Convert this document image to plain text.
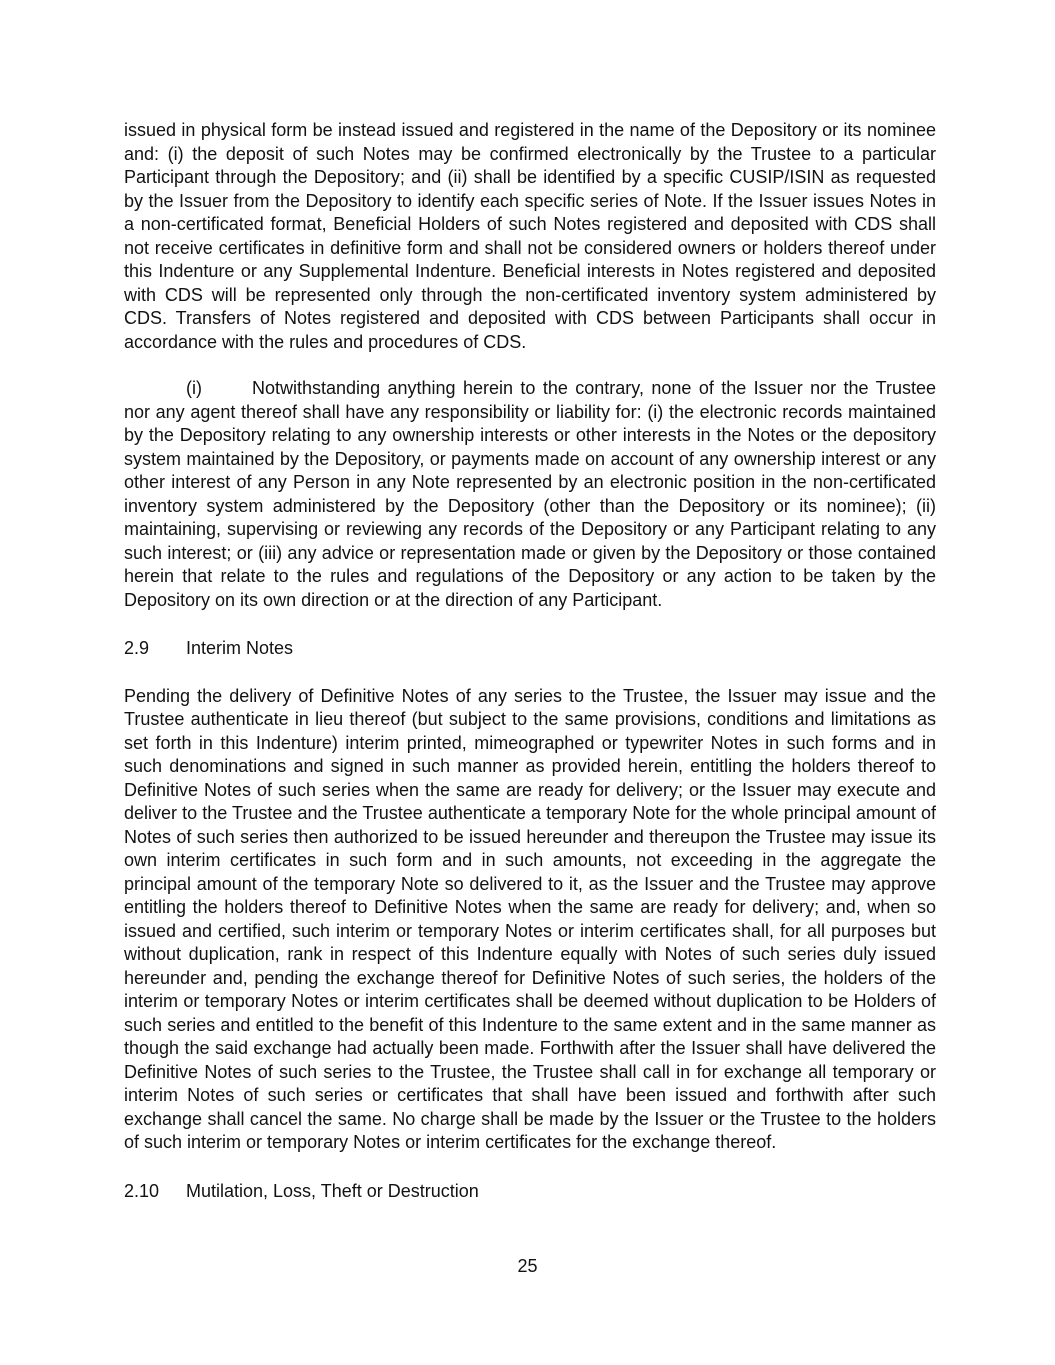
issued in physical form be instead issued and registered in the name of the Depository or its nominee and: (i) the deposit of such Notes may be confirmed electronically by the Trustee to a particular Participant through the Depository; and (ii) shall be identified by a specific CUSIP/ISIN as requested by the Issuer from the Depository to identify each specific series of Note. If the Issuer issues Notes in a non-certificated format, Beneficial Holders of such Notes registered and deposited with CDS shall not receive certificates in definitive form and shall not be considered owners or holders thereof under this Indenture or any Supplemental Indenture. Beneficial interests in Notes registered and deposited with CDS will be represented only through the non-certificated inventory system administered by CDS. Transfers of Notes registered and deposited with CDS between Participants shall occur in accordance with the rules and procedures of CDS.

(i)	Notwithstanding anything herein to the contrary, none of the Issuer nor the Trustee nor any agent thereof shall have any responsibility or liability for: (i) the electronic records maintained by the Depository relating to any ownership interests or other interests in the Notes or the depository system maintained by the Depository, or payments made on account of any ownership interest or any other interest of any Person in any Note represented by an electronic position in the non-certificated inventory system administered by the Depository (other than the Depository or its nominee); (ii) maintaining, supervising or reviewing any records of the Depository or any Participant relating to any such interest; or (iii) any advice or representation made or given by the Depository or those contained herein that relate to the rules and regulations of the Depository or any action to be taken by the Depository on its own direction or at the direction of any Participant.

2.9 Interim Notes

Pending the delivery of Definitive Notes of any series to the Trustee, the Issuer may issue and the Trustee authenticate in lieu thereof (but subject to the same provisions, conditions and limitations as set forth in this Indenture) interim printed, mimeographed or typewriter Notes in such forms and in such denominations and signed in such manner as provided herein, entitling the holders thereof to Definitive Notes of such series when the same are ready for delivery; or the Issuer may execute and deliver to the Trustee and the Trustee authenticate a temporary Note for the whole principal amount of Notes of such series then authorized to be issued hereunder and thereupon the Trustee may issue its own interim certificates in such form and in such amounts, not exceeding in the aggregate the principal amount of the temporary Note so delivered to it, as the Issuer and the Trustee may approve entitling the holders thereof to Definitive Notes when the same are ready for delivery; and, when so issued and certified, such interim or temporary Notes or interim certificates shall, for all purposes but without duplication, rank in respect of this Indenture equally with Notes of such series duly issued hereunder and, pending the exchange thereof for Definitive Notes of such series, the holders of the interim or temporary Notes or interim certificates shall be deemed without duplication to be Holders of such series and entitled to the benefit of this Indenture to the same extent and in the same manner as though the said exchange had actually been made. Forthwith after the Issuer shall have delivered the Definitive Notes of such series to the Trustee, the Trustee shall call in for exchange all temporary or interim Notes of such series or certificates that shall have been issued and forthwith after such exchange shall cancel the same. No charge shall be made by the Issuer or the Trustee to the holders of such interim or temporary Notes or interim certificates for the exchange thereof.

2.10 Mutilation, Loss, Theft or Destruction
25
